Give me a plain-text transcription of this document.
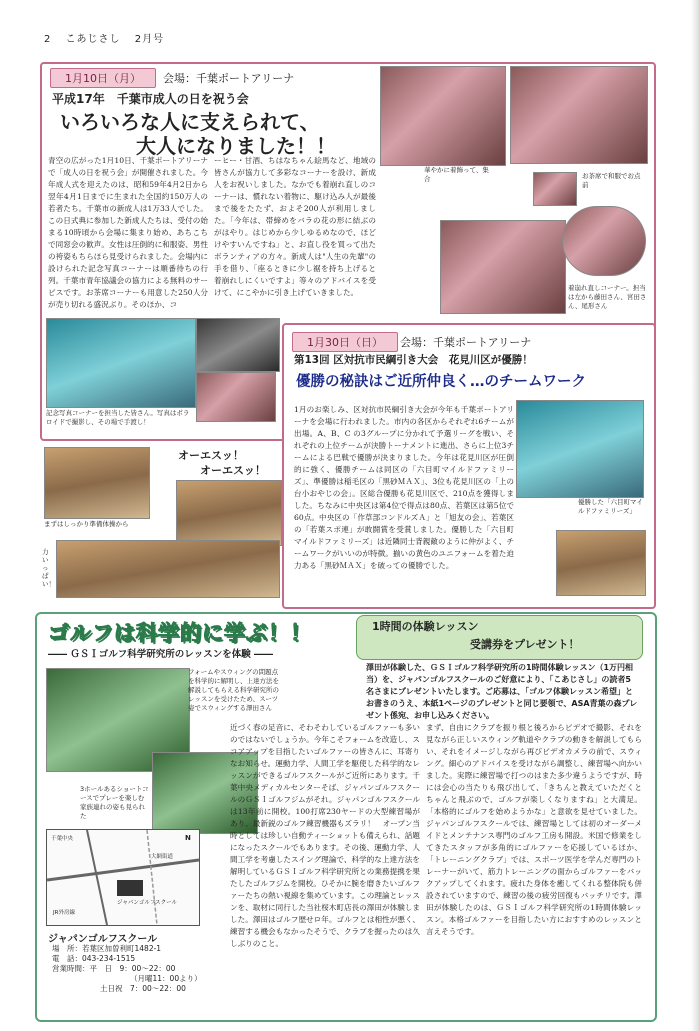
2 こあじさし 2月号
1月10日（月）	会場：千葉ポートアリーナ
平成17年　千葉市成人の日を祝う会
いろいろな人に支えられて、
大人になりました！！
青空の広がった1月10日、千葉ポートアリーナで「成人の日を祝う会」が開催されました。今年成人式を迎えたのは、昭和59年4月2日から翌年4月1日までに生まれた全国約150万人の若者たち。千葉市の新成人は1万33人でした。この日式典に参加した新成人たちは、受付の始まる10時頃から会場に集まり始め、あちこちで同窓会の歓声。女性は圧倒的に和服姿、男性の袴姿もちらほら見受けられました。会場内に設けられた記念写真コーナーは順番待ちの行列。千葉市青年協議会の協力による無料のサービスです。お茶席コーナーも用意した250人分が売り切れる盛況ぶり。そのほか、コ
ーヒー・甘酒、ちはなちゃん絵馬など、地域の皆さんが協力して多彩なコーナーを設け、新成人をお祝いしました。なかでも着崩れ直しのコーナーは、慣れない着物に、駆け込み人が最後まで後をたたず、およそ200人が利用しました。「今年は、帯締めをバラの花の形に結ぶのがはやり。はじめから少しゆるめなので、ほどけやすいんですね」と、お直し役を買って出たボランティアの方々。新成人は"人生の先輩"の手を借り、「座るときに少し裾を持ち上げると着崩れしにくいですよ」等々のアドバイスを受けて、にこやかに引き上げていきました。
華やかに着飾って、集合	お茶席で和服でお点前
着崩れ直しコーナー。担当は左から藤田さん、宮田さん、尾形さん
記念写真コーナーを担当した皆さん。写真はポラロイドで撮影し、その場で手渡し！
まずはしっかり準備体操から
オーエスッ！
オーエスッ！
力いっぱい！
1月30日（日）	会場：千葉ポートアリーナ
第13回 区対抗市民綱引き大会　花見川区が優勝！
優勝の秘訣はご近所仲良く…のチームワーク
1月のお楽しみ、区対抗市民綱引き大会が今年も千葉ポートアリーナを会場に行われました。市内の各区からそれぞれ6チームが出場。A、B、C の3グループに分かれて予選リーグを戦い、それぞれの上位チームが決勝トーナメントに進出、さらに上位3チームによる巴戦で優勝が決まりました。今年は花見川区が圧倒的に強く、優勝チームは同区の「六目町マイルドファミリーズ」、準優勝は稲毛区の「黒砂ＭＡＸ」、3位も花見川区の「上の台小おやじの会」。区総合優勝も花見川区で、210点を獲得しました。ちなみに中央区は第4位で得点は80点、若葉区は第5位で60点。中央区の「作草部コンドルズＡ」と「旭友の会」、若葉区の「若葉スポ連」が敢闘賞を受賞しました。優勝した「六目町マイルドファミリーズ」は近隣同士背親敵のように仲がよく、チームワークがいいのが特徴。揃いの黄色のユニフォームを着た迫力ある「黒砂ＭＡＸ」を破っての優勝でした。
優勝した「六目町マイルドファミリーズ」
ゴルフは科学的に学ぶ！！
―― ＧＳＩゴルフ科学研究所のレッスンを体験 ――
1時間の体験レッスン
受講券をプレゼント！
澤田が体験した、ＧＳＩゴルフ科学研究所の1時間体験レッスン（1万円相当）を、ジャパンゴルフスクールのご好意により、「こあじさし」の読者5名さまにプレゼントいたします。ご応募は、「ゴルフ体験レッスン希望」とお書きのうえ、本紙1ページのプレゼントと同じ要領で、ASA青葉の森プレゼント係宛、お申し込みください。
フォームやスウィングの問題点を科学的に解明し、上達方法を解説してもらえる科学研究所のレッスンを受けたため、スーツ姿でスウィングする澤田さん
3ホールあるショートコースでプレーを楽しむ家族連れの姿も見られた
ジャパンゴルフスクール
千葉中央
大網街道
JR外房線
N
ジャパンゴルフスクール
場　所：若葉区加曽利町1482-1
電　話：043-234-1515
営業時間：平　日　9：00～22：00
（月曜11：00より）
土日祝　7：00～22：00
近づく春の足音に、そわそわしているゴルファーも多いのではないでしょうか。今年こそフォームを改造し、スコアアップを目指したいゴルファーの皆さんに、耳寄りなお知らせ。運動力学、人間工学を駆使した科学的なレッスンができるゴルフスクールがご近所にあります。千葉中央メディカルセンターそば、ジャパンゴルフスクールのＧＳＩゴルフジムがそれ。ジャパンゴルフスクールは13年前に開校。100打席230ヤードの大型練習場があり、最新鋭のゴルフ練習機器もズラリ！　オープン当時としては珍しい自動ティーショットも備えられ、話題になったスクールでもあります。その後、運動力学、人間工学を考慮したスイング理論で、科学的な上達方法を解明しているＧＳＩゴルフ科学研究所との業務提携を果たしたゴルフジムを開校。ひそかに腕を磨きたいゴルファーたちの熱い視線を集めています。この理論とレッスンを、取材に同行した当社桜木町店長の澤田が体験しました。澤田はゴルフ歴せロ年。ゴルフとは相性が悪く、練習する機会もなかったそうで、クラブを握ったのは久しぶりのこと。
まず、自由にクラブを振り根と後ろからビデオで撮影、それを見ながら正しいスウィング軌道やクラブの動きを解説してもらい、それをイメージしながら再びビデオカメラの前で、スウィング。細心のアドバイスを受けながら調整し、練習場へ向かいました。実際に練習場で打つのはまた多少違うようですが、時には会心の当たりも飛び出して、「きちんと教えていただくとちゃんと飛ぶので、ゴルフが楽しくなりますね」と大満足。「本格的にゴルフを始めようかな」と意欲を見せていました。ジャパンゴルフスクールでは、練習場としては初のオーダーメイドとメンテナンス専門のゴルフ工房も開設。米国で修業をしてきたスタッフが多角的にゴルファーを応援しているほか、「トレーニングクラブ」では、スポーツ医学を学んだ専門のトレーナーがいて、筋力トレーニングの面からゴルファーをバックアップしてくれます。疲れた身体を癒してくれる整体院も併設されていますので、練習の後の疲労回復もバッチリです。澤田が体験したのは、ＧＳＩゴルフ科学研究所の1時間体験レッスン。本格ゴルファーを目指したい方におすすめのレッスンと言えそうです。
